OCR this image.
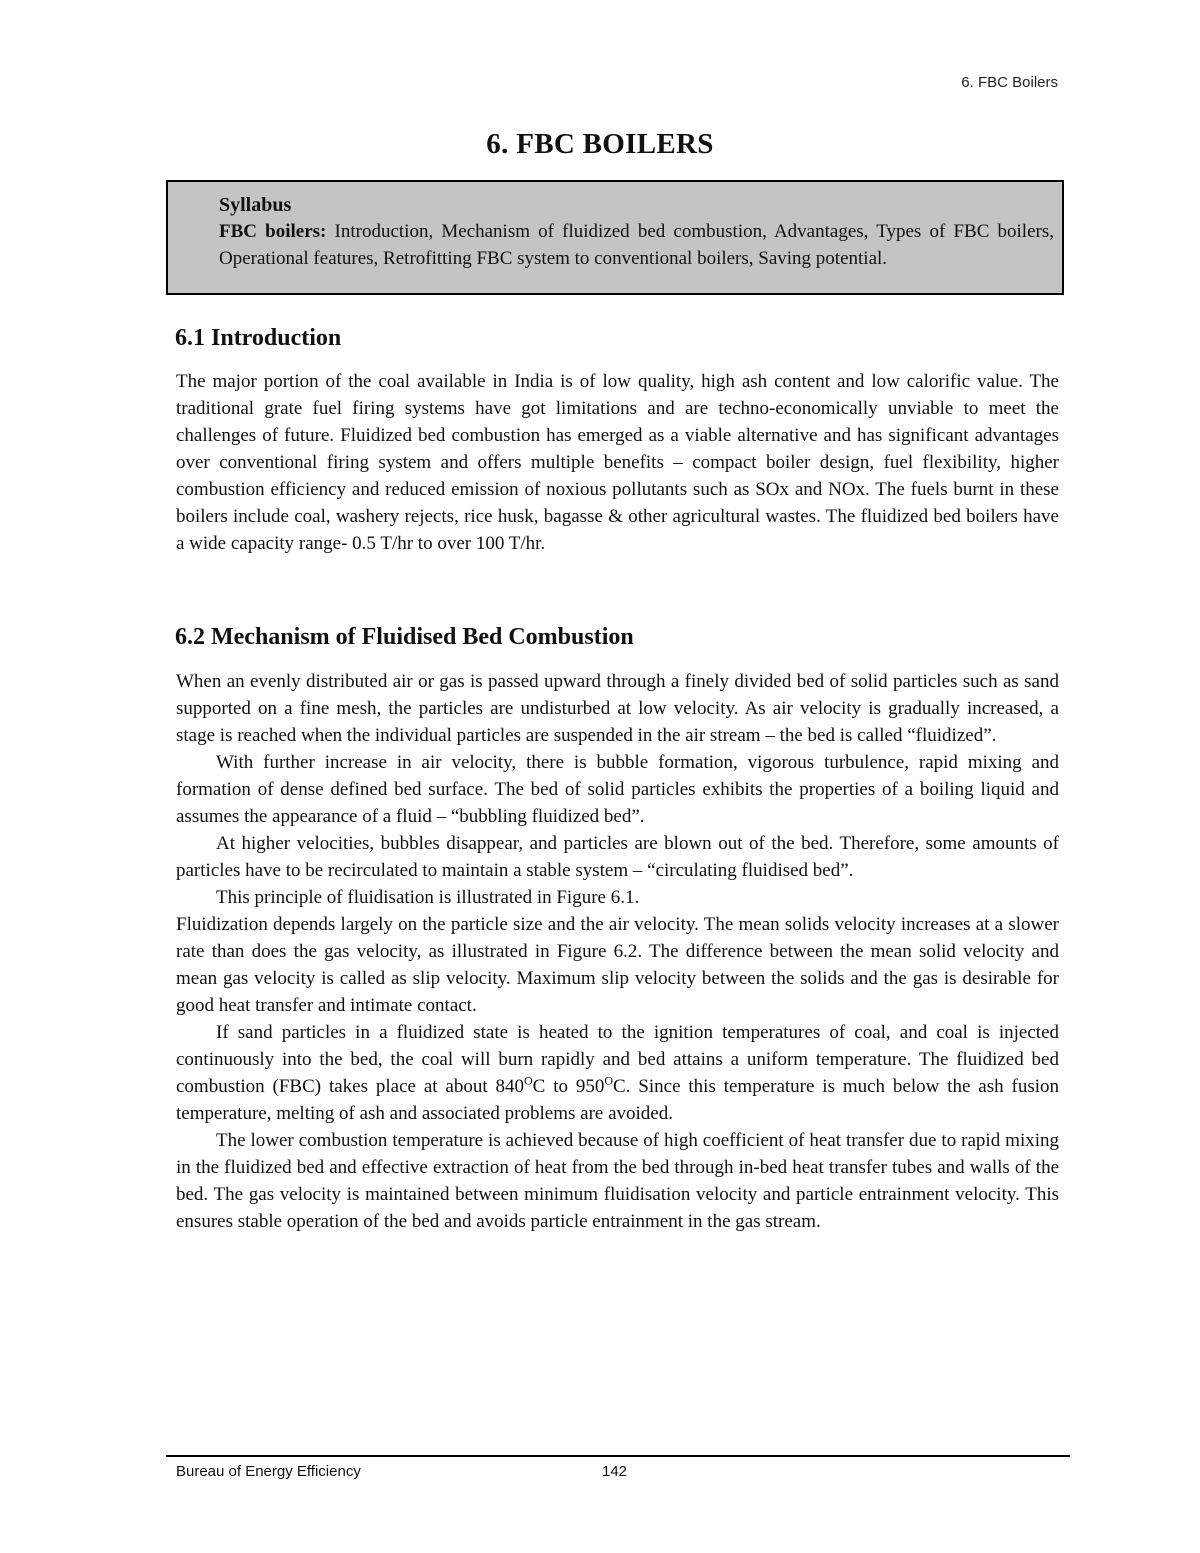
6. FBC Boilers
6. FBC BOILERS
Syllabus
FBC boilers: Introduction, Mechanism of fluidized bed combustion, Advantages, Types of FBC boilers, Operational features, Retrofitting FBC system to conventional boilers, Saving potential.
6.1 Introduction

The major portion of the coal available in India is of low quality, high ash content and low calorific value. The traditional grate fuel firing systems have got limitations and are techno-economically unviable to meet the challenges of future. Fluidized bed combustion has emerged as a viable alternative and has significant advantages over conventional firing system and offers multiple benefits – compact boiler design, fuel flexibility, higher combustion efficiency and reduced emission of noxious pollutants such as SOx and NOx. The fuels burnt in these boilers include coal, washery rejects, rice husk, bagasse & other agricultural wastes. The fluidized bed boilers have a wide capacity range- 0.5 T/hr to over 100 T/hr.

6.2 Mechanism of Fluidised Bed Combustion

When an evenly distributed air or gas is passed upward through a finely divided bed of solid particles such as sand supported on a fine mesh, the particles are undisturbed at low velocity. As air velocity is gradually increased, a stage is reached when the individual particles are suspended in the air stream – the bed is called “fluidized”.

With further increase in air velocity, there is bubble formation, vigorous turbulence, rapid mixing and formation of dense defined bed surface. The bed of solid particles exhibits the properties of a boiling liquid and assumes the appearance of a fluid – “bubbling fluidized bed”.

At higher velocities, bubbles disappear, and particles are blown out of the bed. Therefore, some amounts of particles have to be recirculated to maintain a stable system – “circulating fluidised bed”.

This principle of fluidisation is illustrated in Figure 6.1.

Fluidization depends largely on the particle size and the air velocity. The mean solids velocity increases at a slower rate than does the gas velocity, as illustrated in Figure 6.2. The difference between the mean solid velocity and mean gas velocity is called as slip velocity. Maximum slip velocity between the solids and the gas is desirable for good heat transfer and intimate contact.

If sand particles in a fluidized state is heated to the ignition temperatures of coal, and coal is injected continuously into the bed, the coal will burn rapidly and bed attains a uniform temperature. The fluidized bed combustion (FBC) takes place at about $840^OC$ to $950^OC$. Since this temperature is much below the ash fusion temperature, melting of ash and associated problems are avoided.

The lower combustion temperature is achieved because of high coefficient of heat transfer due to rapid mixing in the fluidized bed and effective extraction of heat from the bed through in-bed heat transfer tubes and walls of the bed. The gas velocity is maintained between minimum fluidisation velocity and particle entrainment velocity. This ensures stable operation of the bed and avoids particle entrainment in the gas stream.

Bureau of Energy Efficiency	142
